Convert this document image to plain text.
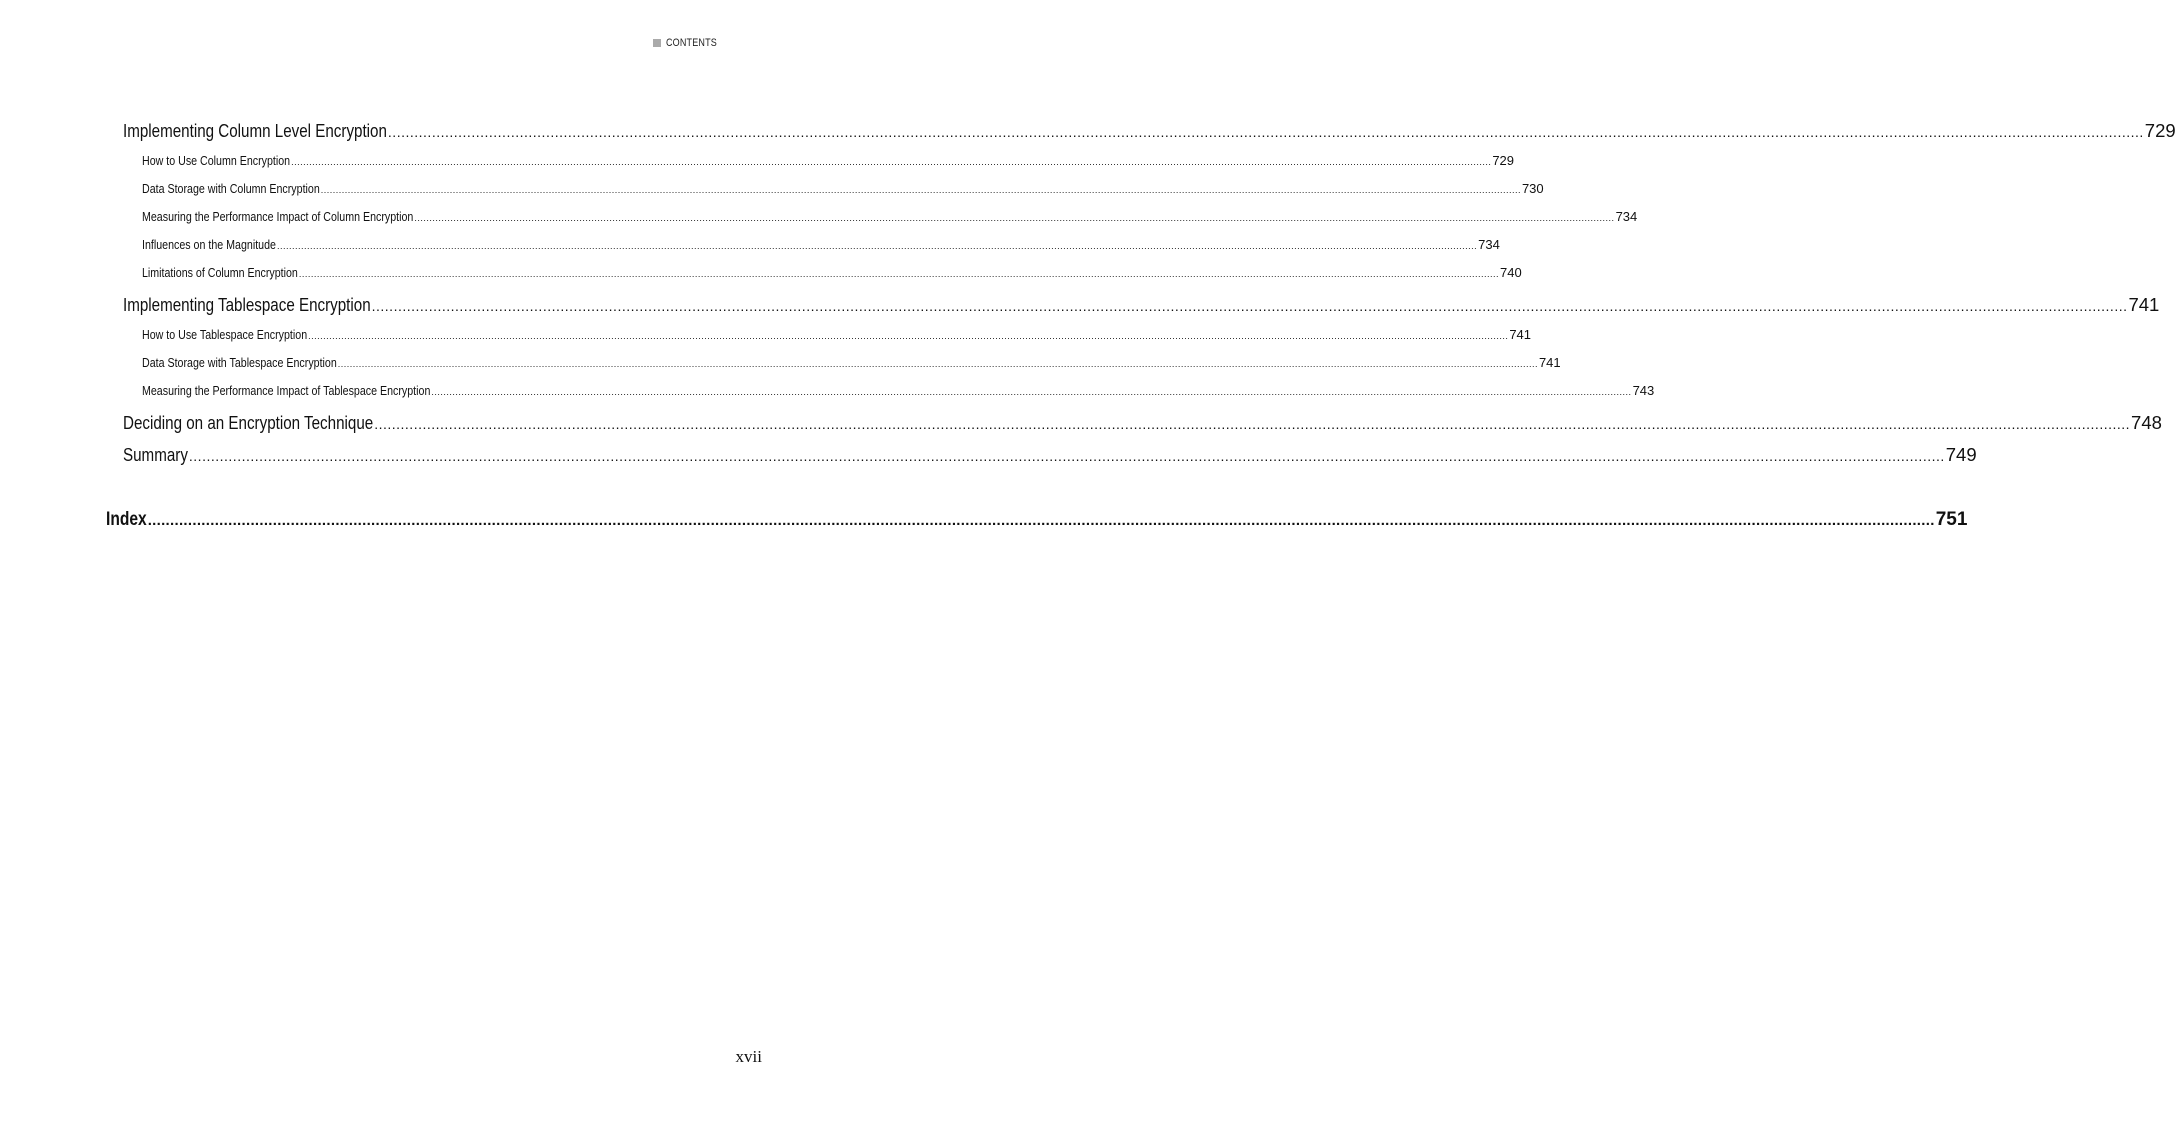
CONTENTS
Implementing Column Level Encryption ................................................................................................................................................................................................................................................................................................................................................................................................................ 729
How to Use Column Encryption ................................................................................................................................................................................................................................................................................................................................................................................................................ 729
Data Storage with Column Encryption ................................................................................................................................................................................................................................................................................................................................................................................................................ 730
Measuring the Performance Impact of Column Encryption ................................................................................................................................................................................................................................................................................................................................................................................................................ 734
Influences on the Magnitude ................................................................................................................................................................................................................................................................................................................................................................................................................ 734
Limitations of Column Encryption ................................................................................................................................................................................................................................................................................................................................................................................................................ 740
Implementing Tablespace Encryption ................................................................................................................................................................................................................................................................................................................................................................................................................ 741
How to Use Tablespace Encryption ................................................................................................................................................................................................................................................................................................................................................................................................................ 741
Data Storage with Tablespace Encryption ................................................................................................................................................................................................................................................................................................................................................................................................................ 741
Measuring the Performance Impact of Tablespace Encryption ................................................................................................................................................................................................................................................................................................................................................................................................................ 743
Deciding on an Encryption Technique ................................................................................................................................................................................................................................................................................................................................................................................................................ 748
Summary ................................................................................................................................................................................................................................................................................................................................................................................................................ 749
Index ................................................................................................................................................................................................................................................................................................................................................................................................................ 751
xvii
